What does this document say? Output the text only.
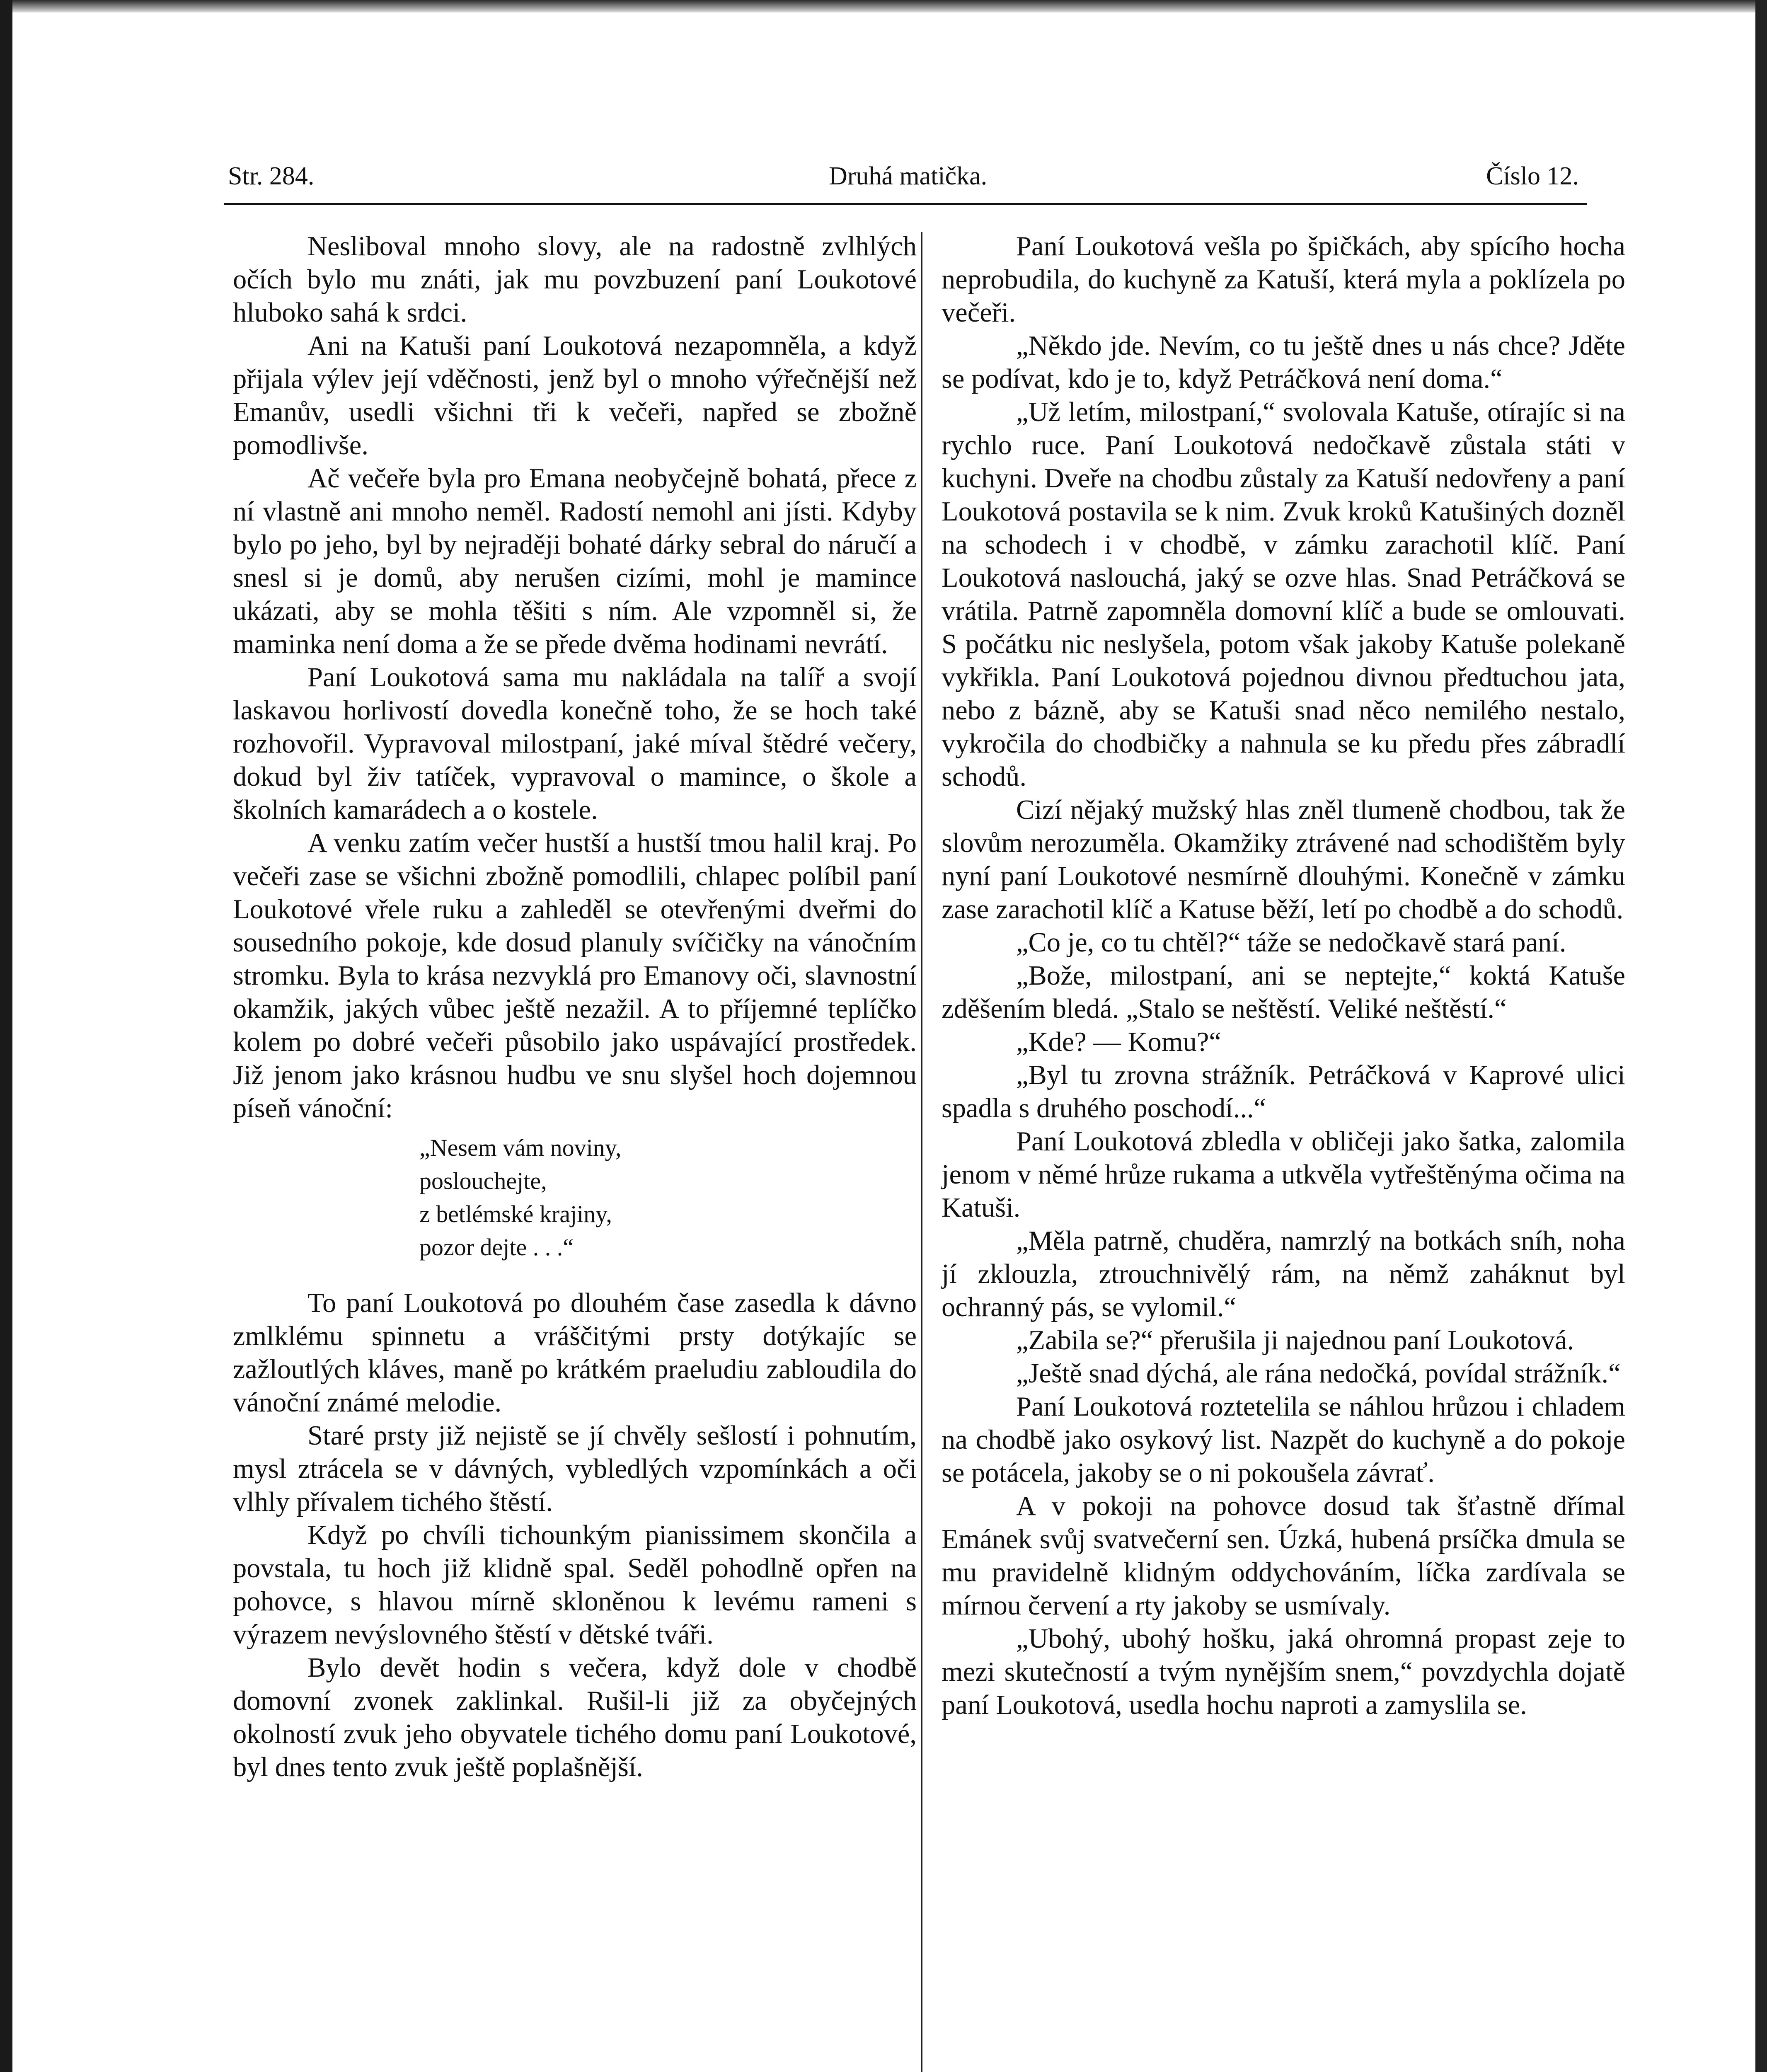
Str. 284.	Druhá matička.	Číslo 12.

Nesliboval mnoho slovy, ale na radostně zvlhlých očích bylo mu znáti, jak mu povzbuzení paní Loukotové hluboko sahá k srdci.

Ani na Katuši paní Loukotová nezapomněla, a když přijala výlev její vděčnosti, jenž byl o mnoho výřečnější než Emanův, usedli všichni tři k večeři, napřed se zbožně pomodlivše.

Ač večeře byla pro Emana neobyčejně bohatá, přece z ní vlastně ani mnoho neměl. Radostí nemohl ani jísti. Kdyby bylo po jeho, byl by nejraději bohaté dárky sebral do náručí a snesl si je domů, aby nerušen cizími, mohl je mamince ukázati, aby se mohla těšiti s ním. Ale vzpomněl si, že maminka není doma a že se přede dvěma hodinami nevrátí.

Paní Loukotová sama mu nakládala na talíř a svojí laskavou horlivostí dovedla konečně toho, že se hoch také rozhovořil. Vypravoval milostpaní, jaké míval štědré večery, dokud byl živ tatíček, vypravoval o mamince, o škole a školních kamarádech a o kostele.

A venku zatím večer hustší a hustší tmou halil kraj. Po večeři zase se všichni zbožně pomodlili, chlapec políbil paní Loukotové vřele ruku a zahleděl se otevřenými dveřmi do sousedního pokoje, kde dosud planuly svíčičky na vánočním stromku. Byla to krása nezvyklá pro Emanovy oči, slavnostní okamžik, jakých vůbec ještě nezažil. A to příjemné teplíčko kolem po dobré večeři působilo jako uspávající prostředek. Již jenom jako krásnou hudbu ve snu slyšel hoch dojemnou píseň vánoční:

„Nesem vám noviny,
poslouchejte,
z betlémské krajiny,
pozor dejte . . .“

To paní Loukotová po dlouhém čase zasedla k dávno zmlklému spinnetu a vráščitými prsty dotýkajíc se zažloutlých kláves, maně po krátkém praeludiu zabloudila do vánoční známé melodie.

Staré prsty již nejistě se jí chvěly sešlostí i pohnutím, mysl ztrácela se v dávných, vybledlých vzpomínkách a oči vlhly přívalem tichého štěstí.

Když po chvíli tichounkým pianissimem skončila a povstala, tu hoch již klidně spal. Seděl pohodlně opřen na pohovce, s hlavou mírně skloněnou k levému rameni s výrazem nevýslovného štěstí v dětské tváři.

Bylo devět hodin s večera, když dole v chodbě domovní zvonek zaklinkal. Rušil-li již za obyčejných okolností zvuk jeho obyvatele tichého domu paní Loukotové, byl dnes tento zvuk ještě poplašnější.

Paní Loukotová vešla po špičkách, aby spícího hocha neprobudila, do kuchyně za Katuší, která myla a poklízela po večeři.

„Někdo jde. Nevím, co tu ještě dnes u nás chce? Jděte se podívat, kdo je to, když Petráčková není doma.“

„Už letím, milostpaní,“ svolovala Katuše, otírajíc si na rychlo ruce. Paní Loukotová nedočkavě zůstala státi v kuchyni. Dveře na chodbu zůstaly za Katuší nedovřeny a paní Loukotová postavila se k nim. Zvuk kroků Katušiných dozněl na schodech i v chodbě, v zámku zarachotil klíč. Paní Loukotová naslouchá, jaký se ozve hlas. Snad Petráčková se vrátila. Patrně zapomněla domovní klíč a bude se omlouvati. S počátku nic neslyšela, potom však jakoby Katuše polekaně vykřikla. Paní Loukotová pojednou divnou předtuchou jata, nebo z bázně, aby se Katuši snad něco nemilého nestalo, vykročila do chodbičky a nahnula se ku předu přes zábradlí schodů.

Cizí nějaký mužský hlas zněl tlumeně chodbou, tak že slovům nerozuměla. Okamžiky ztrávené nad schodištěm byly nyní paní Loukotové nesmírně dlouhými. Konečně v zámku zase zarachotil klíč a Katuse běží, letí po chodbě a do schodů.

„Co je, co tu chtěl?“ táže se nedočkavě stará paní.

„Bože, milostpaní, ani se neptejte,“ koktá Katuše zděšením bledá. „Stalo se neštěstí. Veliké neštěstí.“

„Kde? — Komu?“

„Byl tu zrovna strážník. Petráčková v Kaprové ulici spadla s druhého poschodí...“

Paní Loukotová zbledla v obličeji jako šatka, zalomila jenom v němé hrůze rukama a utkvěla vytřeštěnýma očima na Katuši.

„Měla patrně, chuděra, namrzlý na botkách sníh, noha jí zklouzla, ztrouchnivělý rám, na němž zaháknut byl ochranný pás, se vylomil.“

„Zabila se?“ přerušila ji najednou paní Loukotová.

„Ještě snad dýchá, ale rána nedočká, povídal strážník.“

Paní Loukotová roztetelila se náhlou hrůzou i chladem na chodbě jako osykový list. Nazpět do kuchyně a do pokoje se potácela, jakoby se o ni pokoušela závrať.

A v pokoji na pohovce dosud tak šťastně dřímal Emánek svůj svatvečerní sen. Úzká, hubená prsíčka dmula se mu pravidelně klidným oddychováním, líčka zardívala se mírnou červení a rty jakoby se usmívaly.

„Ubohý, ubohý hošku, jaká ohromná propast zeje to mezi skutečností a tvým nynějším snem,“ povzdychla dojatě paní Loukotová, usedla hochu naproti a zamyslila se.
